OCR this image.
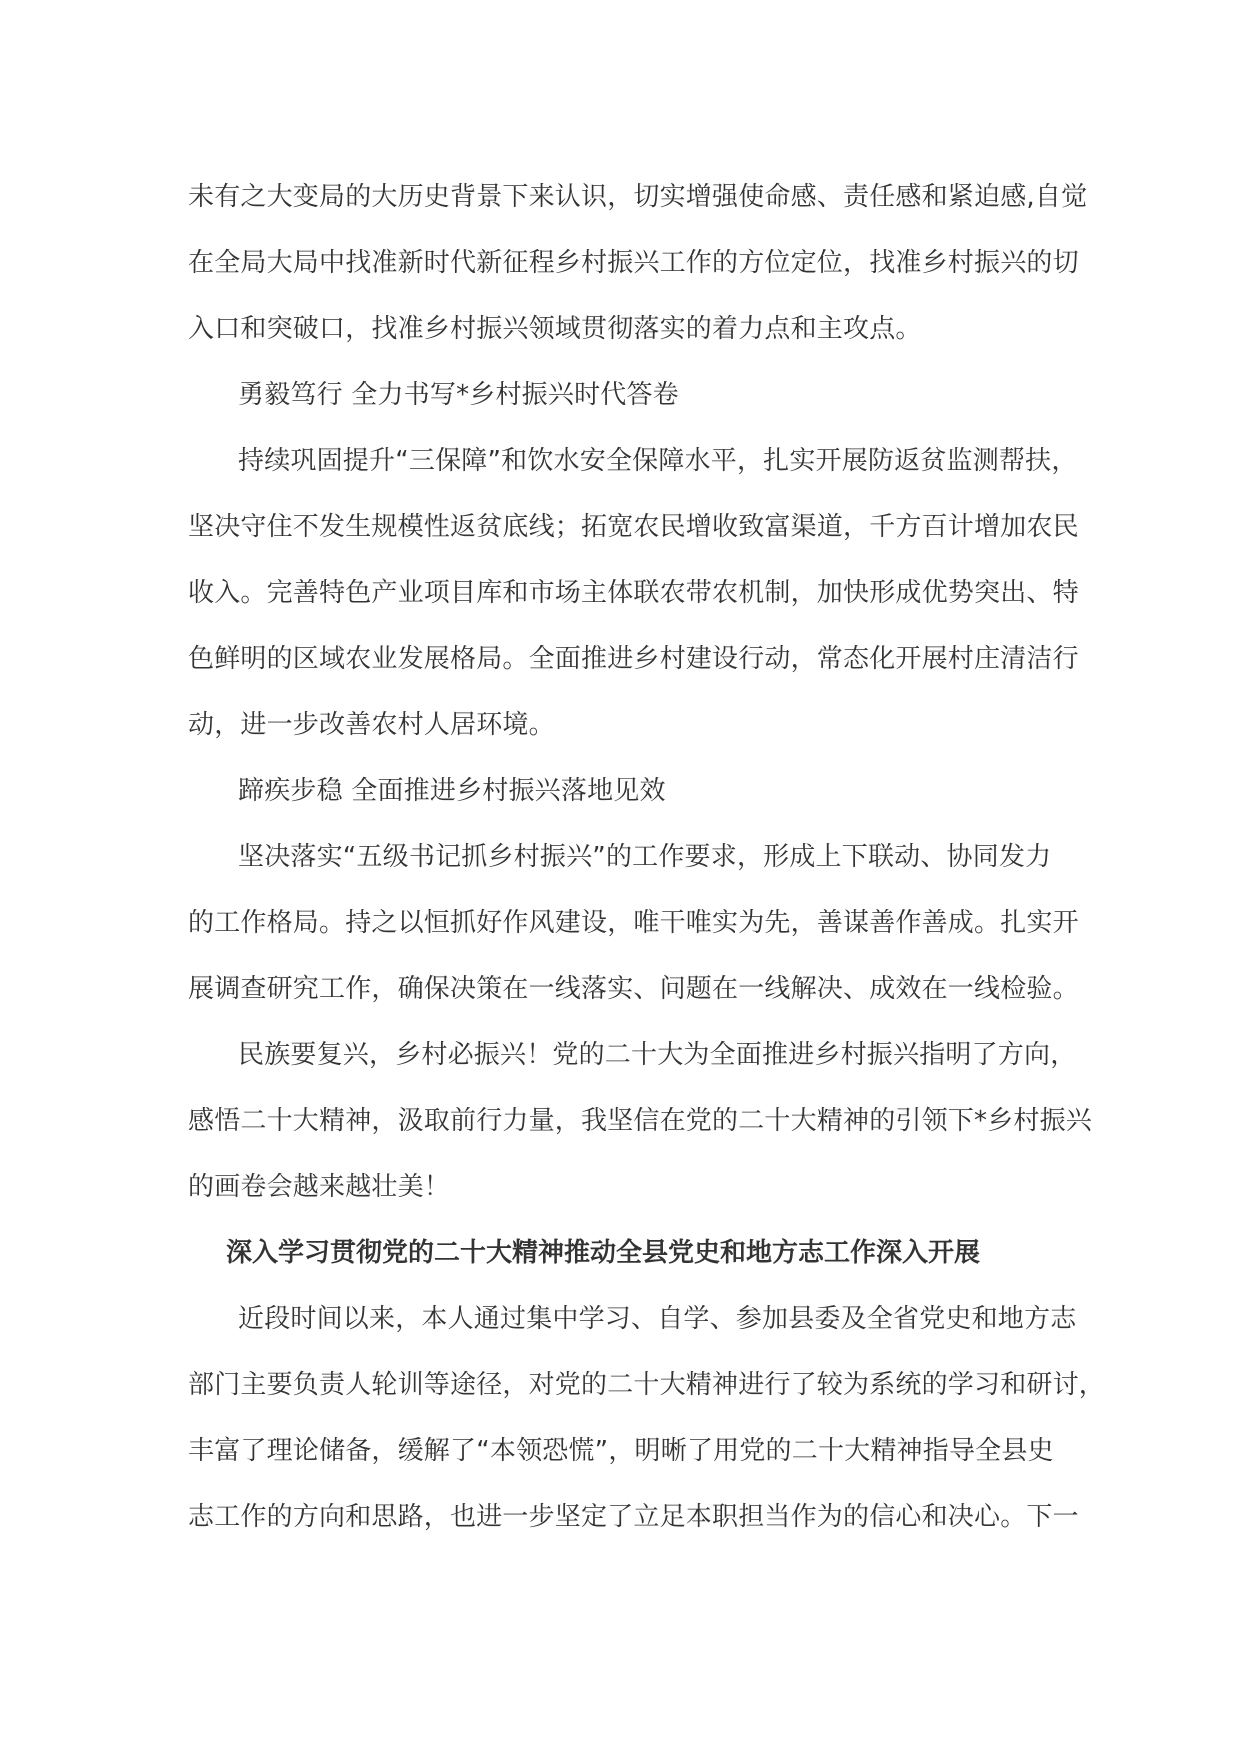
未有之大变局的大历史背景下来认识，切实增强使命感、责任感和紧迫感,自觉
在全局大局中找准新时代新征程乡村振兴工作的方位定位，找准乡村振兴的切
入口和突破口，找准乡村振兴领域贯彻落实的着力点和主攻点。
勇毅笃行 全力书写*乡村振兴时代答卷
持续巩固提升“三保障”和饮水安全保障水平，扎实开展防返贫监测帮扶，
坚决守住不发生规模性返贫底线；拓宽农民增收致富渠道，千方百计增加农民
收入。完善特色产业项目库和市场主体联农带农机制，加快形成优势突出、特
色鲜明的区域农业发展格局。全面推进乡村建设行动，常态化开展村庄清洁行
动，进一步改善农村人居环境。
蹄疾步稳 全面推进乡村振兴落地见效
坚决落实“五级书记抓乡村振兴”的工作要求，形成上下联动、协同发力
的工作格局。持之以恒抓好作风建设，唯干唯实为先，善谋善作善成。扎实开
展调查研究工作，确保决策在一线落实、问题在一线解决、成效在一线检验。
民族要复兴，乡村必振兴！党的二十大为全面推进乡村振兴指明了方向，
感悟二十大精神，汲取前行力量，我坚信在党的二十大精神的引领下*乡村振兴
的画卷会越来越壮美！
深入学习贯彻党的二十大精神推动全县党史和地方志工作深入开展
近段时间以来，本人通过集中学习、自学、参加县委及全省党史和地方志
部门主要负责人轮训等途径，对党的二十大精神进行了较为系统的学习和研讨，
丰富了理论储备，缓解了“本领恐慌”，明晰了用党的二十大精神指导全县史
志工作的方向和思路，也进一步坚定了立足本职担当作为的信心和决心。下一
